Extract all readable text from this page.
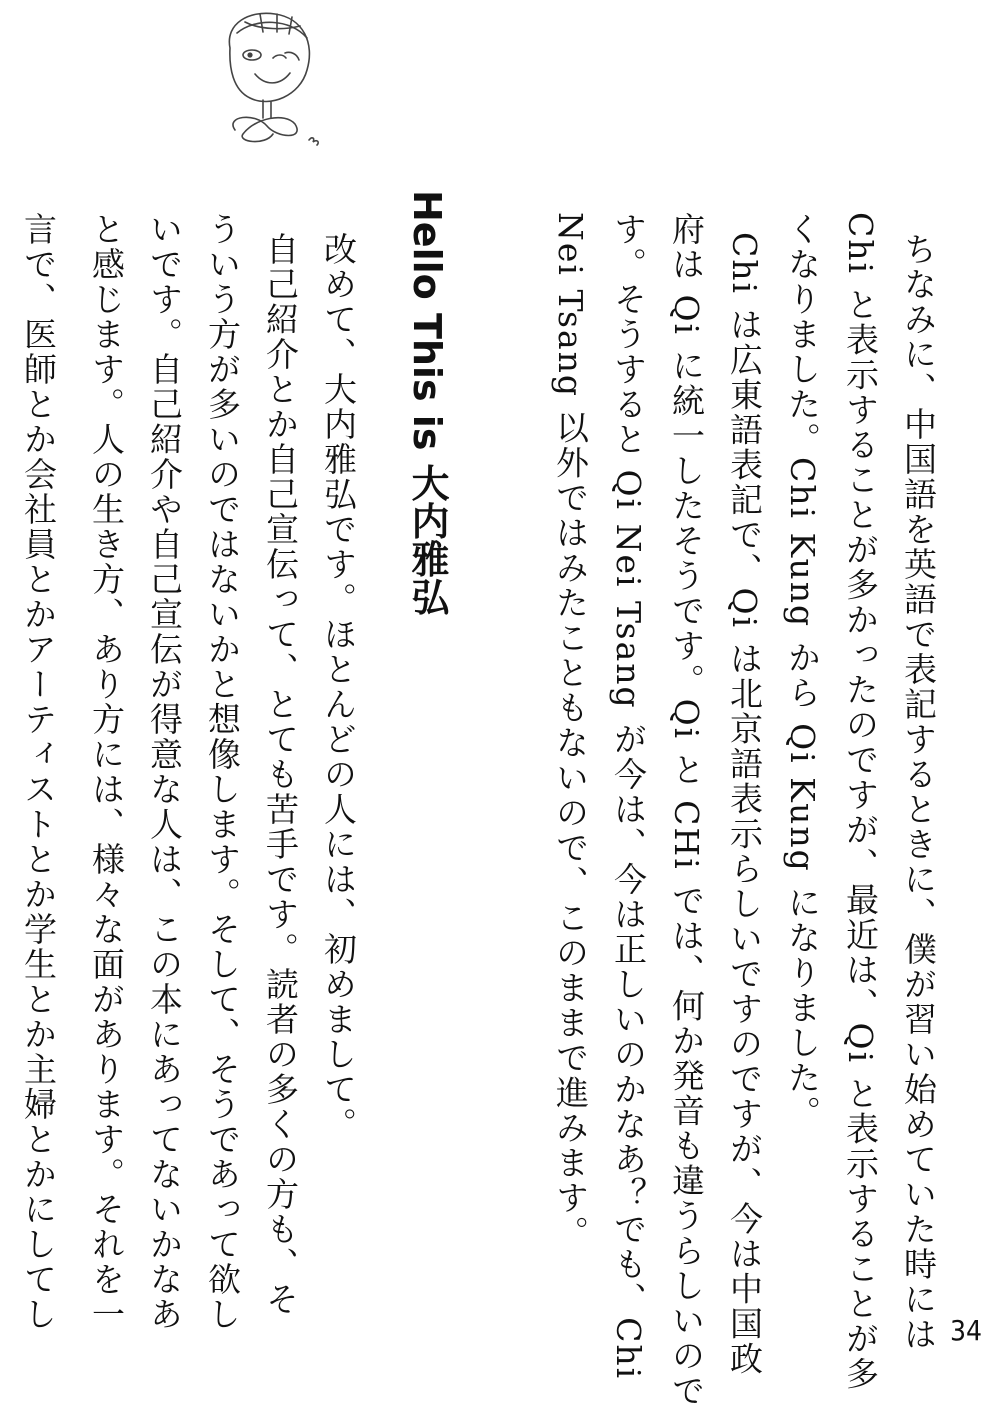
ちなみに、中国語を英語で表記するときに、僕が習い始めていた時には

Chi と表示することが多かったのですが、最近は、Qi と表示することが多

くなりました。Chi Kung から Qi Kung になりました。

Chi は広東語表記で、Qi は北京語表示らしいですのですが、今は中国政

府は Qi に統一したそうです。Qi と CHi では、何か発音も違うらしいので

す。そうすると Qi Nei Tsang が今は、今は正しいのかなあ？でも、Chi

Nei Tsang 以外ではみたこともないので、このままで進みます。

Hello This is 大内雅弘

改めて、大内雅弘です。ほとんどの人には、初めまして。

自己紹介とか自己宣伝って、とても苦手です。読者の多くの方も、そ

ういう方が多いのではないかと想像します。そして、そうであって欲し

いです。自己紹介や自己宣伝が得意な人は、この本にあってないかなあ

と感じます。人の生き方、あり方には、様々な面があります。それを一

言で、医師とか会社員とかアーティストとか学生とか主婦とかにしてし	34
